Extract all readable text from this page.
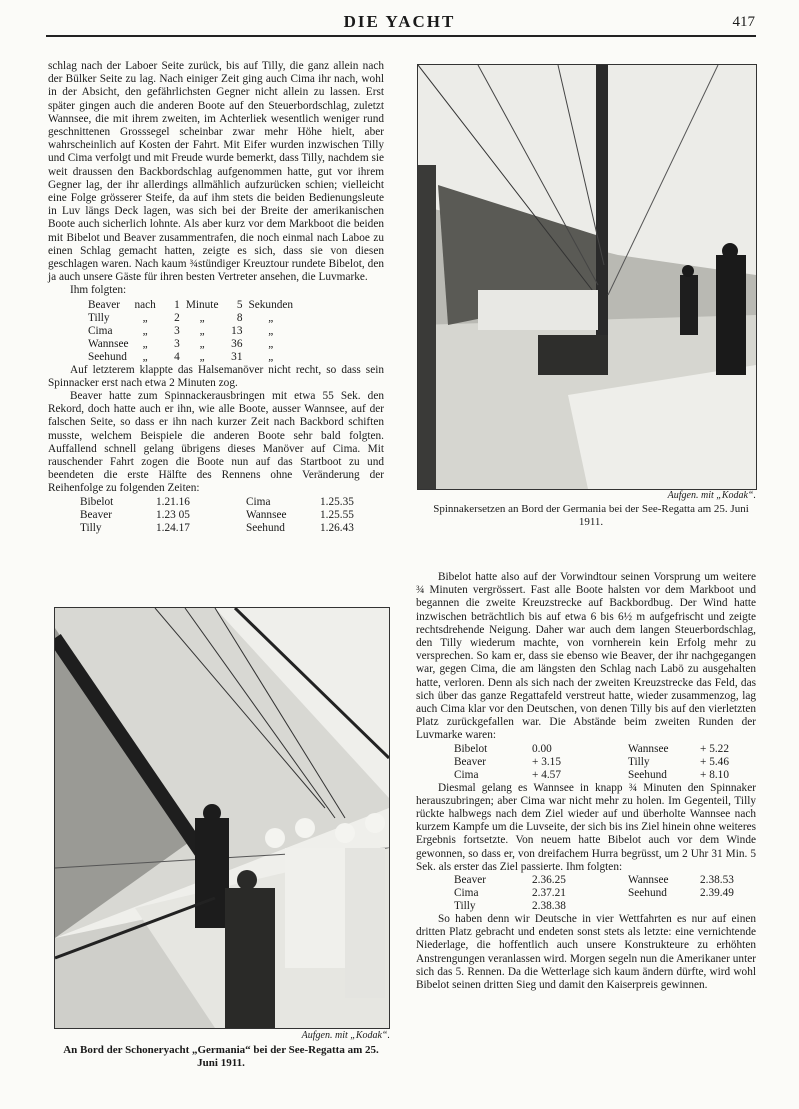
DIE YACHT	417

schlag nach der Laboer Seite zurück, bis auf Tilly, die ganz allein nach der Bülker Seite zu lag. Nach einiger Zeit ging auch Cima ihr nach, wohl in der Absicht, den gefährlichsten Gegner nicht allein zu lassen. Erst später gingen auch die anderen Boote auf den Steuerbordschlag, zuletzt Wannsee, die mit ihrem zweiten, im Achterliek wesentlich weniger rund geschnittenen Grosssegel scheinbar zwar mehr Höhe hielt, aber wahrscheinlich auf Kosten der Fahrt. Mit Eifer wurden inzwischen Tilly und Cima verfolgt und mit Freude wurde bemerkt, dass Tilly, nachdem sie weit draussen den Backbordschlag aufgenommen hatte, gut vor ihrem Gegner lag, der ihr allerdings allmählich aufzurücken schien; vielleicht eine Folge grösserer Steife, da auf ihm stets die beiden Bedienungsleute in Luv längs Deck lagen, was sich bei der Breite der amerikanischen Boote auch sicherlich lohnte. Als aber kurz vor dem Markboot die beiden mit Bibelot und Beaver zusammentrafen, die noch einmal nach Laboe zu einen Schlag gemacht hatten, zeigte es sich, dass sie von diesen geschlagen waren. Nach kaum ¾stündiger Kreuztour rundete Bibelot, den ja auch unsere Gäste für ihren besten Vertreter ansehen, die Luvmarke.

Ihm folgten:

Beaver	nach	1	Minute	5	Sekunden
Tilly	„	2	„	8	„
Cima	„	3	„	13	„
Wannsee	„	3	„	36	„
Seehund	„	4	„	31	„

Auf letzterem klappte das Halsemanöver nicht recht, so dass sein Spinnacker erst nach etwa 2 Minuten zog.

Beaver hatte zum Spinnackerausbringen mit etwa 55 Sek. den Rekord, doch hatte auch er ihn, wie alle Boote, ausser Wannsee, auf der falschen Seite, so dass er ihn nach kurzer Zeit nach Backbord schiften musste, welchem Beispiele die anderen Boote sehr bald folgten. Auffallend schnell gelang übrigens dieses Manöver auf Cima. Mit rauschender Fahrt zogen die Boote nun auf das Startboot zu und beendeten die erste Hälfte des Rennens ohne Veränderung der Reihenfolge zu folgenden Zeiten:

Bibelot	1.21.16	Cima	1.25.35
Beaver	1.23 05	Wannsee	1.25.55
Tilly	1.24.17	Seehund	1.26.43
Aufgen. mit „Kodak“.
Spinnakersetzen an Bord der Germania bei der See-Regatta am 25. Juni 1911.
Aufgen. mit „Kodak“.
An Bord der Schoneryacht „Germania“ bei der See-Regatta am 25. Juni 1911.

Bibelot hatte also auf der Vorwindtour seinen Vorsprung um weitere ¾ Minuten vergrössert. Fast alle Boote halsten vor dem Markboot und begannen die zweite Kreuzstrecke auf Backbordbug. Der Wind hatte inzwischen beträchtlich bis auf etwa 6 bis 6½ m aufgefrischt und zeigte rechtsdrehende Neigung. Daher war auch dem langen Steuerbordschlag, den Tilly wiederum machte, von vornherein kein Erfolg mehr zu versprechen. So kam er, dass sie ebenso wie Beaver, der ihr nachgegangen war, gegen Cima, die am längsten den Schlag nach Labö zu ausgehalten hatte, verloren. Denn als sich nach der zweiten Kreuzstrecke das Feld, das sich über das ganze Regattafeld verstreut hatte, wieder zusammenzog, lag auch Cima klar vor den Deutschen, von denen Tilly bis auf den vierletzten Platz zurückgefallen war. Die Abstände beim zweiten Runden der Luvmarke waren:

Bibelot	0.00	Wannsee	+ 5.22
Beaver	+ 3.15	Tilly	+ 5.46
Cima	+ 4.57	Seehund	+ 8.10

Diesmal gelang es Wannsee in knapp ¾ Minuten den Spinnaker herauszubringen; aber Cima war nicht mehr zu holen. Im Gegenteil, Tilly rückte halbwegs nach dem Ziel wieder auf und überholte Wannsee nach kurzem Kampfe um die Luvseite, der sich bis ins Ziel hinein ohne weiteres Ergebnis fortsetzte. Von neuem hatte Bibelot auch vor dem Winde gewonnen, so dass er, von dreifachem Hurra begrüsst, um 2 Uhr 31 Min. 5 Sek. als erster das Ziel passierte. Ihm folgten:

Beaver	2.36.25	Wannsee	2.38.53
Cima	2.37.21	Seehund	2.39.49
Tilly	2.38.38		

So haben denn wir Deutsche in vier Wettfahrten es nur auf einen dritten Platz gebracht und endeten sonst stets als letzte: eine vernichtende Niederlage, die hoffentlich auch unsere Konstrukteure zu erhöhten Anstrengungen veranlassen wird. Morgen segeln nun die Amerikaner unter sich das 5. Rennen. Da die Wetterlage sich kaum ändern dürfte, wird wohl Bibelot seinen dritten Sieg und damit den Kaiserpreis gewinnen.
